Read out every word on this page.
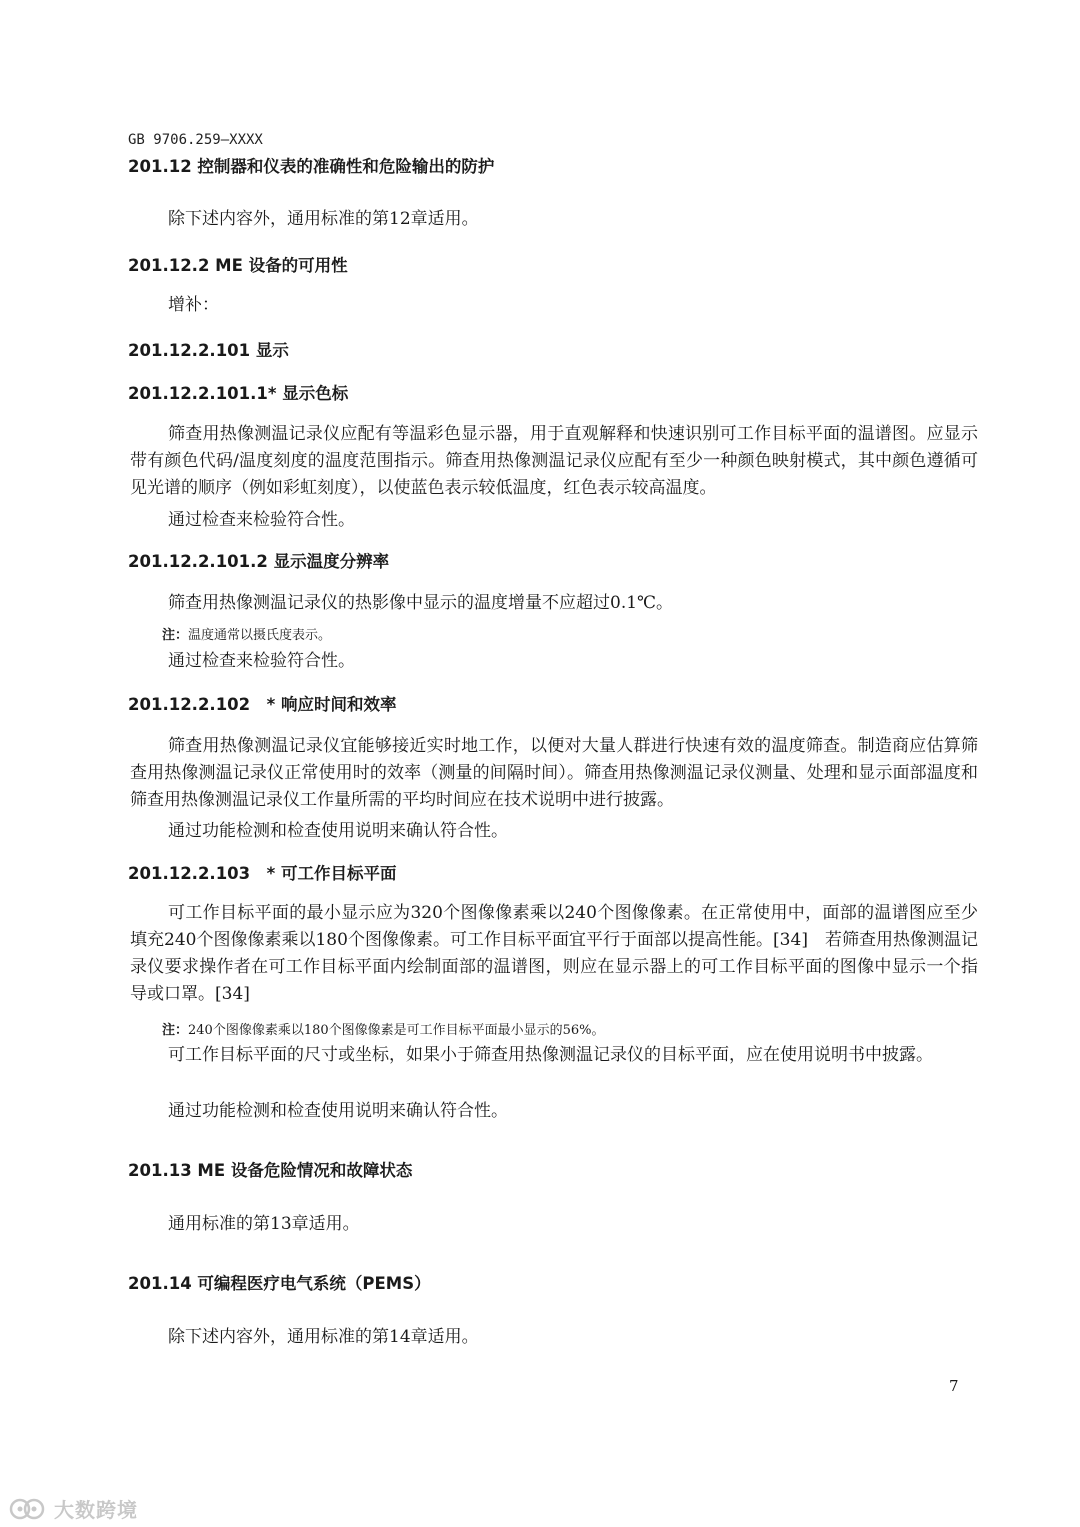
GB 9706.259—XXXX
201.12 控制器和仪表的准确性和危险输出的防护
除下述内容外，通用标准的第12章适用。
201.12.2 ME 设备的可用性
增补：
201.12.2.101 显示
201.12.2.101.1* 显示色标
筛查用热像测温记录仪应配有等温彩色显示器，用于直观解释和快速识别可工作目标平面的温谱图。应显示带有颜色代码/温度刻度的温度范围指示。筛查用热像测温记录仪应配有至少一种颜色映射模式，其中颜色遵循可见光谱的顺序（例如彩虹刻度），以使蓝色表示较低温度，红色表示较高温度。
通过检查来检验符合性。
201.12.2.101.2 显示温度分辨率
筛查用热像测温记录仪的热影像中显示的温度增量不应超过0.1℃。
注：温度通常以摄氏度表示。
通过检查来检验符合性。
201.12.2.102　* 响应时间和效率
筛查用热像测温记录仪宜能够接近实时地工作，以便对大量人群进行快速有效的温度筛查。制造商应估算筛查用热像测温记录仪正常使用时的效率（测量的间隔时间）。筛查用热像测温记录仪测量、处理和显示面部温度和筛查用热像测温记录仪工作量所需的平均时间应在技术说明中进行披露。
通过功能检测和检查使用说明来确认符合性。
201.12.2.103　* 可工作目标平面
可工作目标平面的最小显示应为320个图像像素乘以240个图像像素。在正常使用中，面部的温谱图应至少填充240个图像像素乘以180个图像像素。可工作目标平面宜平行于面部以提高性能。[34]　若筛查用热像测温记录仪要求操作者在可工作目标平面内绘制面部的温谱图，则应在显示器上的可工作目标平面的图像中显示一个指导或口罩。[34]
注：240个图像像素乘以180个图像像素是可工作目标平面最小显示的56%。
可工作目标平面的尺寸或坐标，如果小于筛查用热像测温记录仪的目标平面，应在使用说明书中披露。
通过功能检测和检查使用说明来确认符合性。
201.13 ME 设备危险情况和故障状态
通用标准的第13章适用。
201.14 可编程医疗电气系统（PEMS）
除下述内容外，通用标准的第14章适用。
7
大数跨境
